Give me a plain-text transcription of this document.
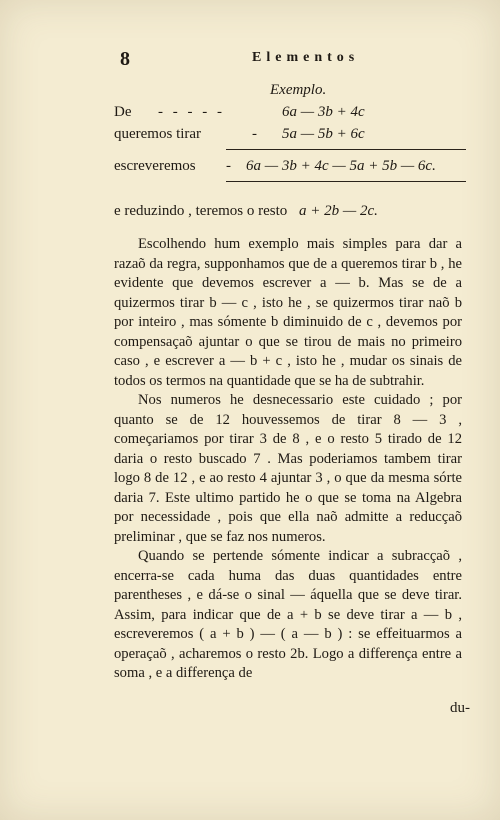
8	Elementos
Exemplo.
De - - - - -	6a — 3b + 4c
queremos tirar	- 5a — 5b + 6c
escreveremos - 6a — 3b + 4c — 5a + 5b — 6c.
e reduzindo , teremos o resto a + 2b — 2c.

Escolhendo hum exemplo mais simples para dar a razaõ da regra, supponhamos que de a queremos tirar b , he evidente que devemos escrever a — b. Mas se de a quizermos tirar b — c , isto he , se quizermos tirar naõ b por inteiro , mas sómente b diminuido de c , devemos por compensaçaõ ajuntar o que se tirou de mais no primeiro caso , e escrever a — b + c , isto he , mudar os sinais de todos os termos na quantidade que se ha de subtrahir.

Nos numeros he desnecessario este cuidado ; por quanto se de 12 houvessemos de tirar 8 — 3 , começariamos por tirar 3 de 8 , e o resto 5 tirado de 12 daria o resto buscado 7 . Mas poderiamos tambem tirar logo 8 de 12 , e ao resto 4 ajuntar 3 , o que da mesma sórte daria 7. Este ultimo partido he o que se toma na Algebra por necessidade , pois que ella naõ admitte a reducçaõ preliminar , que se faz nos numeros.

Quando se pertende sómente indicar a subracçaõ , encerra-se cada huma das duas quantidades entre parentheses , e dá-se o sinal — áquella que se deve tirar. Assim, para indicar que de a + b se deve tirar a — b , escreveremos ( a + b ) — ( a — b ) : se effeituarmos a operaçaõ , acharemos o resto 2b. Logo a differença entre a soma , e a differença de

du-
